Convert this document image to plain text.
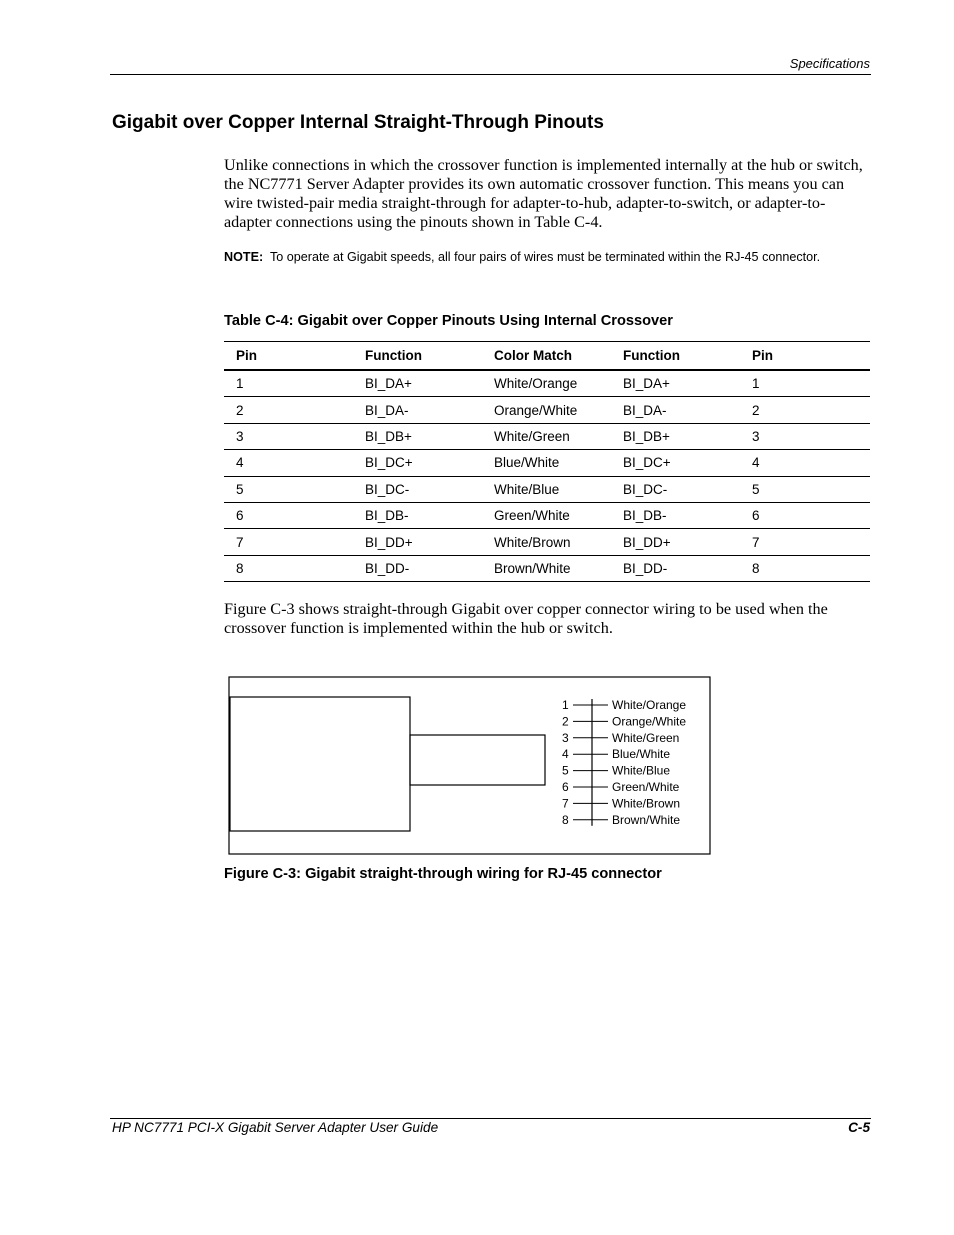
Specifications
Gigabit over Copper Internal Straight-Through Pinouts
Unlike connections in which the crossover function is implemented internally at the hub or switch, the NC7771 Server Adapter provides its own automatic crossover function. This means you can wire twisted-pair media straight-through for adapter-to-hub, adapter-to-switch, or adapter-to-adapter connections using the pinouts shown in Table C-4.
NOTE: To operate at Gigabit speeds, all four pairs of wires must be terminated within the RJ-45 connector.
Table C-4: Gigabit over Copper Pinouts Using Internal Crossover
Pin	Function	Color Match	Function	Pin
1	BI_DA+	White/Orange	BI_DA+	1
2	BI_DA-	Orange/White	BI_DA-	2
3	BI_DB+	White/Green	BI_DB+	3
4	BI_DC+	Blue/White	BI_DC+	4
5	BI_DC-	White/Blue	BI_DC-	5
6	BI_DB-	Green/White	BI_DB-	6
7	BI_DD+	White/Brown	BI_DD+	7
8	BI_DD-	Brown/White	BI_DD-	8
Figure C-3 shows straight-through Gigabit over copper connector wiring to be used when the crossover function is implemented within the hub or switch.
1	White/Orange
2	Orange/White
3	White/Green
4	Blue/White
5	White/Blue
6	Green/White
7	White/Brown
8	Brown/White
Figure C-3: Gigabit straight-through wiring for RJ-45 connector
HP NC7771 PCI-X Gigabit Server Adapter User Guide	C-5
